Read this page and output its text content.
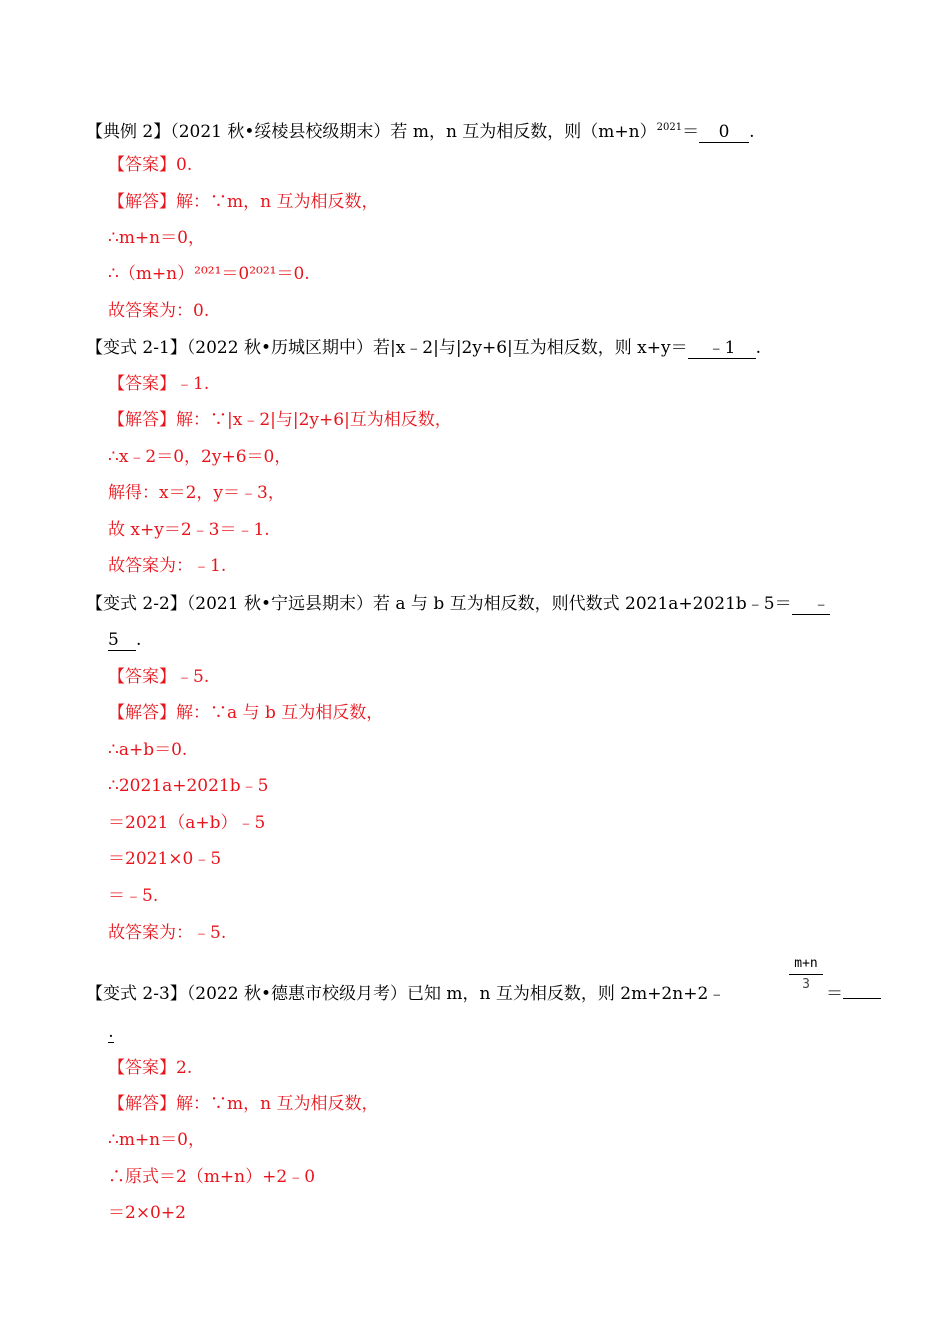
【典例 2】（2021 秋•绥棱县校级期末）若 m，n 互为相反数，则$(m+n)^{2021}= 0$ .
【答案】0.
【解答】解：∵m，n 互为相反数，
∴m+n＝0，
∴（m+n）²⁰²¹＝0²⁰²¹＝0.
故答案为：0.
【变式 2-1】（2022 秋•历城区期中）若|x﹣2|与|2y+6|互为相反数，则 x+y＝ ﹣1 .
【答案】﹣1.
【解答】解：∵|x﹣2|与|2y+6|互为相反数，
∴x﹣2＝0，2y+6＝0，
解得：x＝2，y＝﹣3，
故 x+y＝2﹣3＝﹣1.
故答案为：﹣1.
【变式 2-2】（2021 秋•宁远县期末）若 a 与 b 互为相反数，则代数式 2021a+2021b﹣5＝ ﹣
5 .
【答案】﹣5.
【解答】解：∵a 与 b 互为相反数，
∴a+b＝0.
∴2021a+2021b﹣5
＝2021（a+b）﹣5
＝2021×0﹣5
＝﹣5.
故答案为：﹣5.
【变式 2-3】（2022 秋•德惠市校级月考）已知 m，n 互为相反数，则 2m+2n+2﹣
m+n
3 ＝
.
【答案】2.
【解答】解：∵m，n 互为相反数，
∴m+n＝0，
∴原式＝2（m+n）+2﹣0
＝2×0+2
